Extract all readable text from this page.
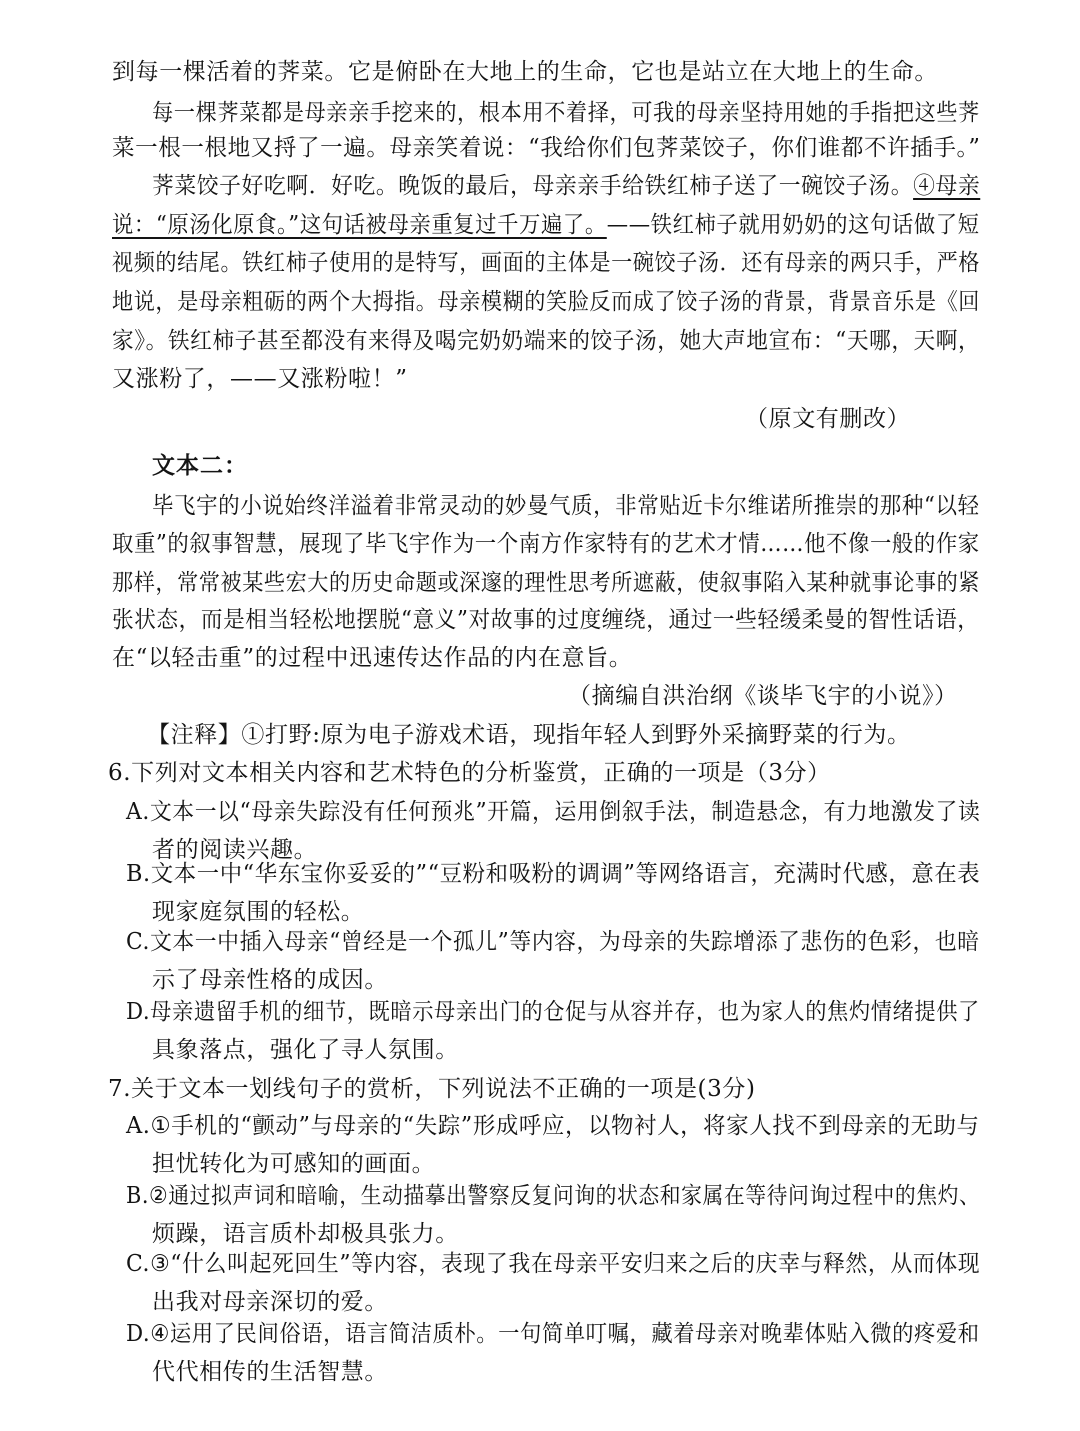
到每一棵活着的荠菜。它是俯卧在大地上的生命，它也是站立在大地上的生命。
每一棵荠菜都是母亲亲手挖来的，根本用不着择，可我的母亲坚持用她的手指把这些荠
菜一根一根地又捋了一遍。母亲笑着说：“我给你们包荠菜饺子，你们谁都不许插手。”
荠菜饺子好吃啊．好吃。晚饭的最后，母亲亲手给铁红柿子送了一碗饺子汤。④母亲
说：“原汤化原食。”这句话被母亲重复过千万遍了。——铁红柿子就用奶奶的这句话做了短
视频的结尾。铁红柿子使用的是特写，画面的主体是一碗饺子汤．还有母亲的两只手，严格
地说，是母亲粗砺的两个大拇指。母亲模糊的笑脸反而成了饺子汤的背景，背景音乐是《回
家》。铁红柿子甚至都没有来得及喝完奶奶端来的饺子汤，她大声地宣布：“天哪，天啊，
又涨粉了，——又涨粉啦！”
（原文有删改）
文本二：
毕飞宇的小说始终洋溢着非常灵动的妙曼气质，非常贴近卡尔维诺所推崇的那种“以轻
取重”的叙事智慧，展现了毕飞宇作为一个南方作家特有的艺术才情……他不像一般的作家
那样，常常被某些宏大的历史命题或深邃的理性思考所遮蔽，使叙事陷入某种就事论事的紧
张状态，而是相当轻松地摆脱“意义”对故事的过度缠绕，通过一些轻缓柔曼的智性话语，
在“以轻击重”的过程中迅速传达作品的内在意旨。
（摘编自洪治纲《谈毕飞宇的小说》）
【注释】①打野:原为电子游戏术语，现指年轻人到野外采摘野菜的行为。
6.下列对文本相关内容和艺术特色的分析鉴赏，正确的一项是（3分）
A.文本一以“母亲失踪没有任何预兆”开篇，运用倒叙手法，制造悬念，有力地激发了读
者的阅读兴趣。
B.文本一中“华东宝你妥妥的”“豆粉和吸粉的调调”等网络语言，充满时代感，意在表
现家庭氛围的轻松。
C.文本一中插入母亲“曾经是一个孤儿”等内容，为母亲的失踪增添了悲伤的色彩，也暗
示了母亲性格的成因。
D.母亲遗留手机的细节，既暗示母亲出门的仓促与从容并存，也为家人的焦灼情绪提供了
具象落点，强化了寻人氛围。
7.关于文本一划线句子的赏析，下列说法不正确的一项是(3分)
A.①手机的“颤动”与母亲的“失踪”形成呼应，以物衬人，将家人找不到母亲的无助与
担忧转化为可感知的画面。
B.②通过拟声词和暗喻，生动描摹出警察反复问询的状态和家属在等待问询过程中的焦灼、
烦躁，语言质朴却极具张力。
C.③“什么叫起死回生”等内容，表现了我在母亲平安归来之后的庆幸与释然，从而体现
出我对母亲深切的爱。
D.④运用了民间俗语，语言简洁质朴。一句简单叮嘱，藏着母亲对晚辈体贴入微的疼爱和
代代相传的生活智慧。
